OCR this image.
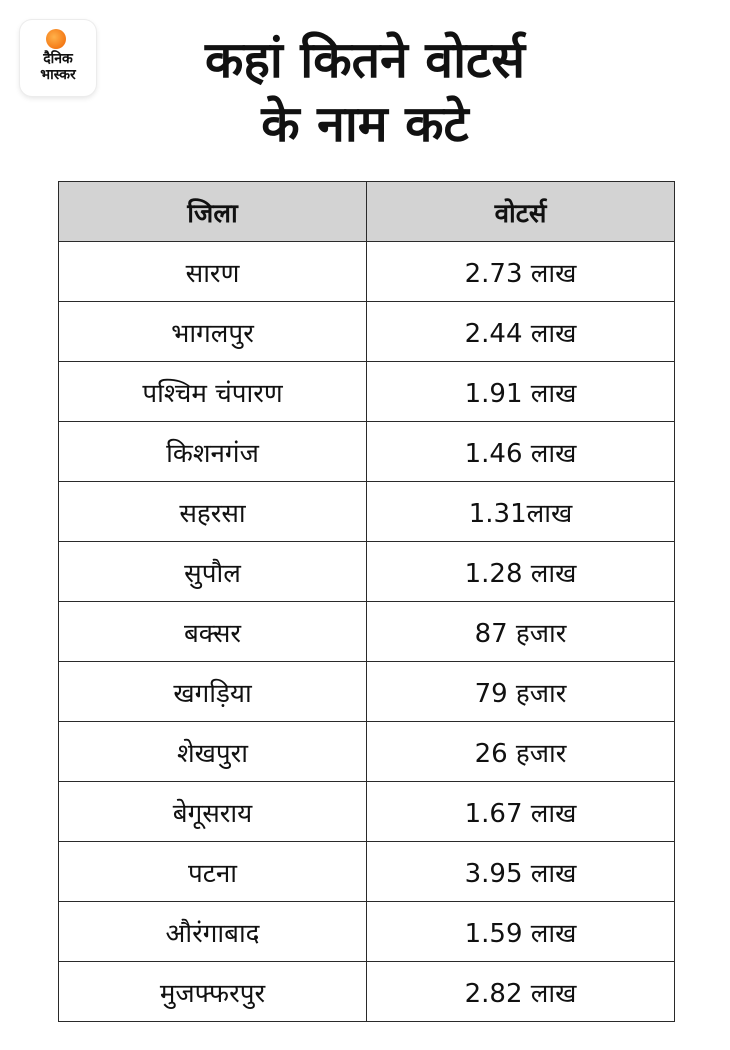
दैनिक
भास्कर	कहां कितने वोटर्स
के नाम कटे
जिला	वोटर्स
सारण	2.73 लाख
भागलपुर	2.44 लाख
पश्चिम चंपारण	1.91 लाख
किशनगंज	1.46 लाख
सहरसा	1.31लाख
सुपौल	1.28 लाख
बक्सर	87 हजार
खगड़िया	79 हजार
शेखपुरा	26 हजार
बेगूसराय	1.67 लाख
पटना	3.95 लाख
औरंगाबाद	1.59 लाख
मुजफ्फरपुर	2.82 लाख
